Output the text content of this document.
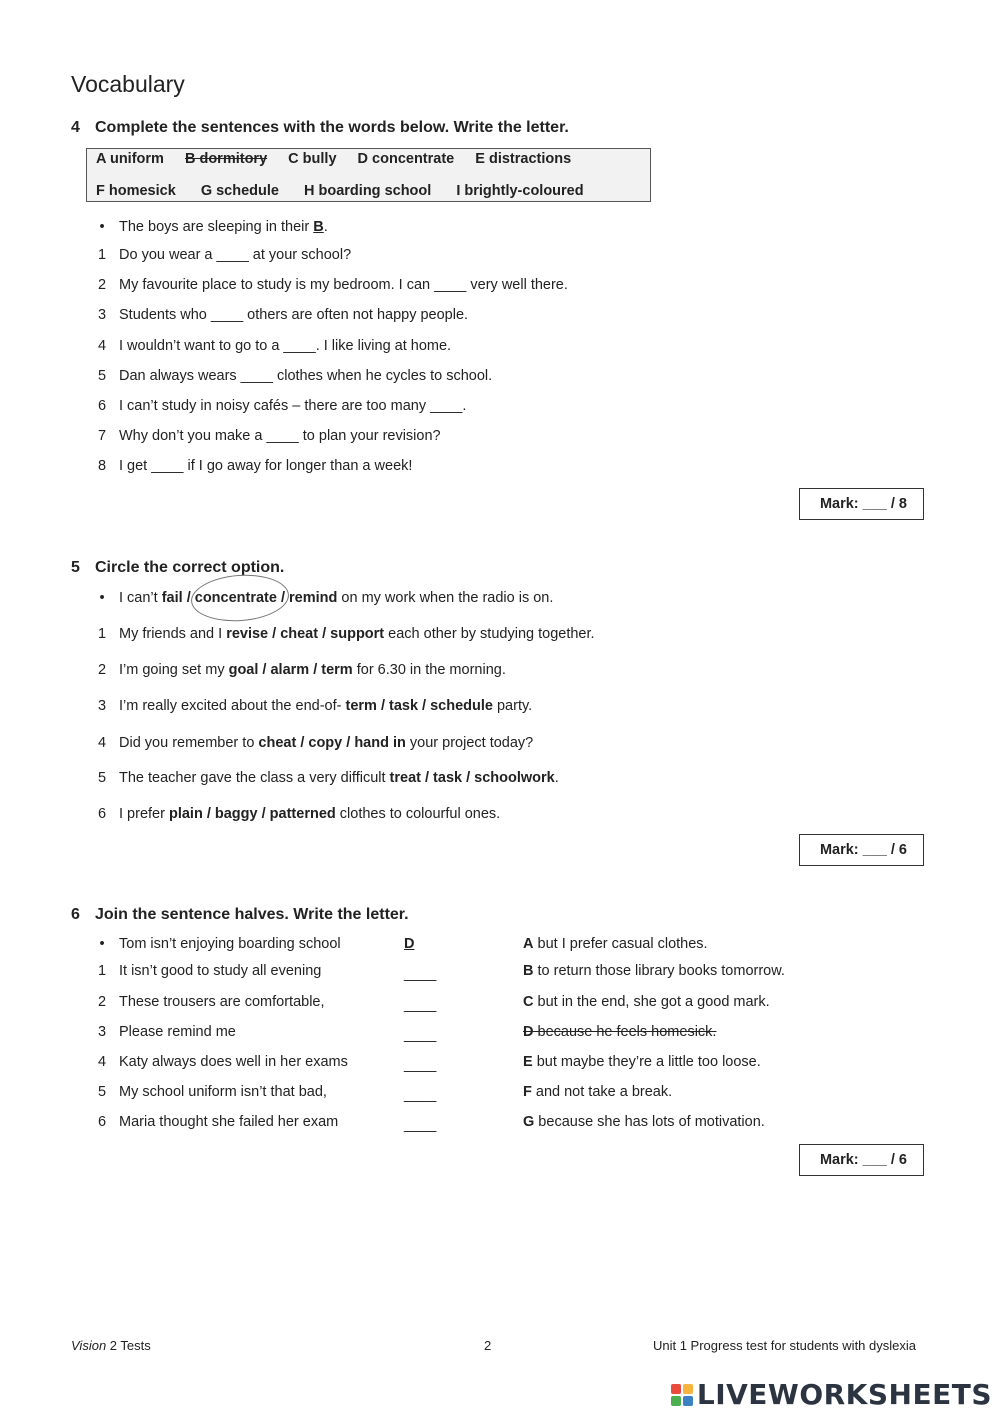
Vocabulary
4 Complete the sentences with the words below. Write the letter.
A uniform B dormitory C bully D concentrate E distractions
F homesick G schedule H boarding school I brightly-coloured
• The boys are sleeping in their B.
1 Do you wear a ____ at your school?
2 My favourite place to study is my bedroom. I can ____ very well there.
3 Students who ____ others are often not happy people.
4 I wouldn’t want to go to a ____. I like living at home.
5 Dan always wears ____ clothes when he cycles to school.
6 I can’t study in noisy cafés – there are too many ____.
7 Why don’t you make a ____ to plan your revision?
8 I get ____ if I go away for longer than a week!
Mark: ___ / 8
5 Circle the correct option.
• I can’t fail / concentrate / remind on my work when the radio is on.
1 My friends and I revise / cheat / support each other by studying together.
2 I’m going set my goal / alarm / term for 6.30 in the morning.
3 I’m really excited about the end-of- term / task / schedule party.
4 Did you remember to cheat / copy / hand in your project today?
5 The teacher gave the class a very difficult treat / task / schoolwork.
6 I prefer plain / baggy / patterned clothes to colourful ones.
Mark: ___ / 6
6 Join the sentence halves. Write the letter.
• Tom isn’t enjoying boarding school
1 It isn’t good to study all evening
2 These trousers are comfortable,
3 Please remind me
4 Katy always does well in her exams
5 My school uniform isn’t that bad,
6 Maria thought she failed her exam
D
____
____
____
____
____
____
A but I prefer casual clothes.
B to return those library books tomorrow.
C but in the end, she got a good mark.
D because he feels homesick.
E but maybe they’re a little too loose.
F and not take a break.
G because she has lots of motivation.
Mark: ___ / 6
Vision 2 Tests	2	Unit 1 Progress test for students with dyslexia
LIVEWORKSHEETS
